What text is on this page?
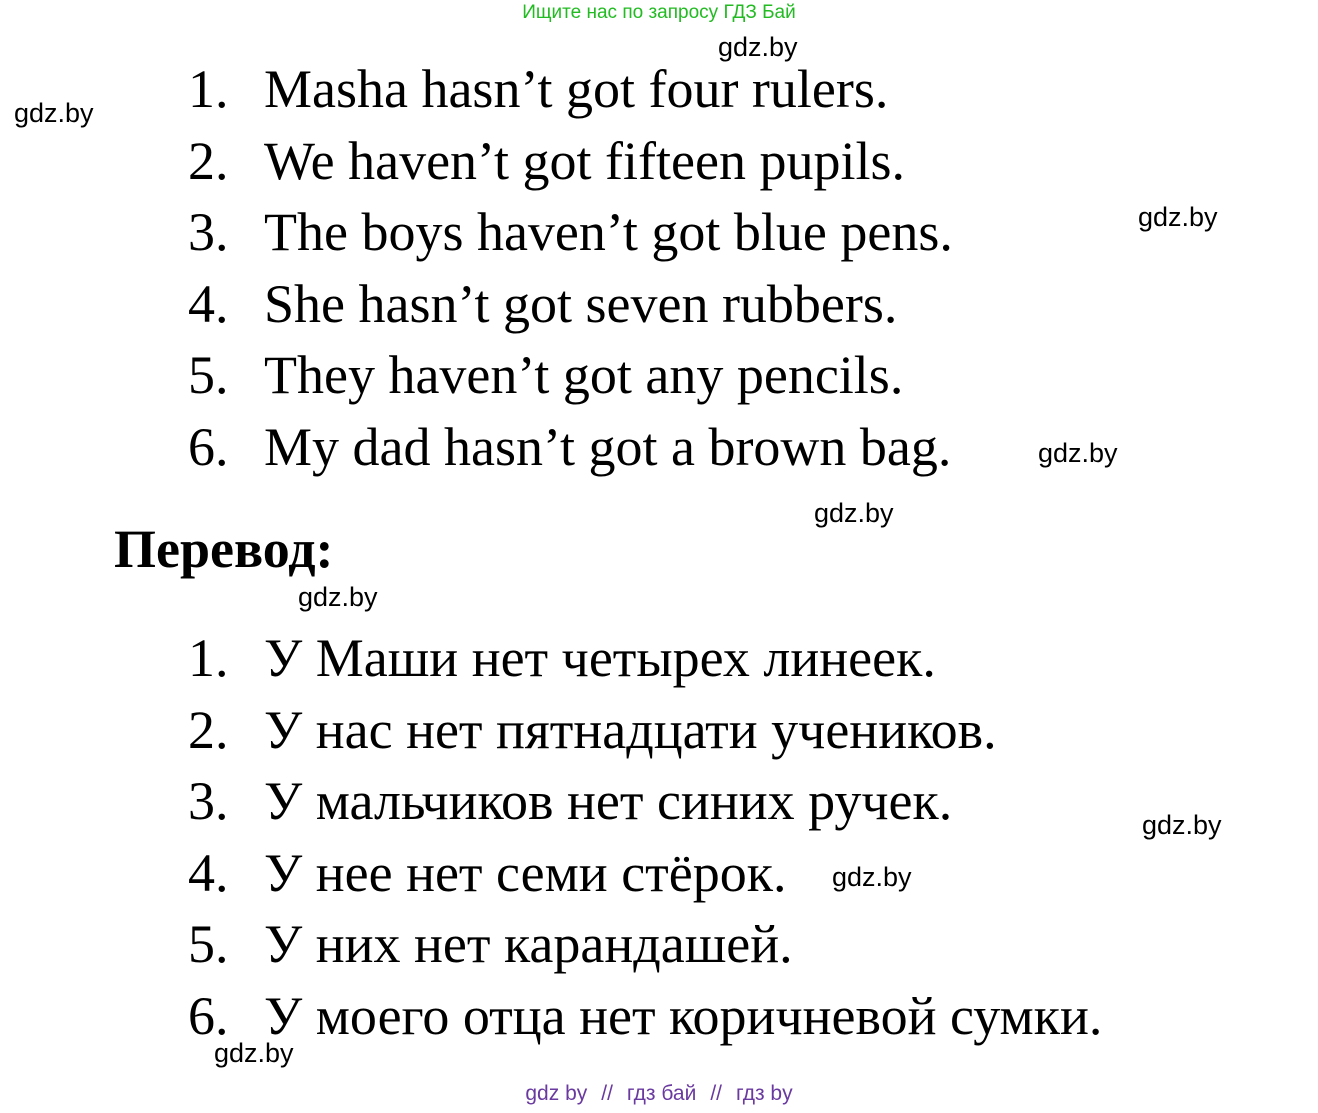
Ищите нас по запросу ГДЗ Бай
1. Masha hasn’t got four rulers.
2. We haven’t got fifteen pupils.
3. The boys haven’t got blue pens.
4. She hasn’t got seven rubbers.
5. They haven’t got any pencils.
6. My dad hasn’t got a brown bag.
Перевод:
1. У Маши нет четырех линеек.
2. У нас нет пятнадцати учеников.
3. У мальчиков нет синих ручек.
4. У нее нет семи стёрок.
5. У них нет карандашей.
6. У моего отца нет коричневой сумки.
gdz.by
gdz.by
gdz.by
gdz.by
gdz.by
gdz.by
gdz.by
gdz.by
gdz.by
gdz by // гдз бай // гдз by
